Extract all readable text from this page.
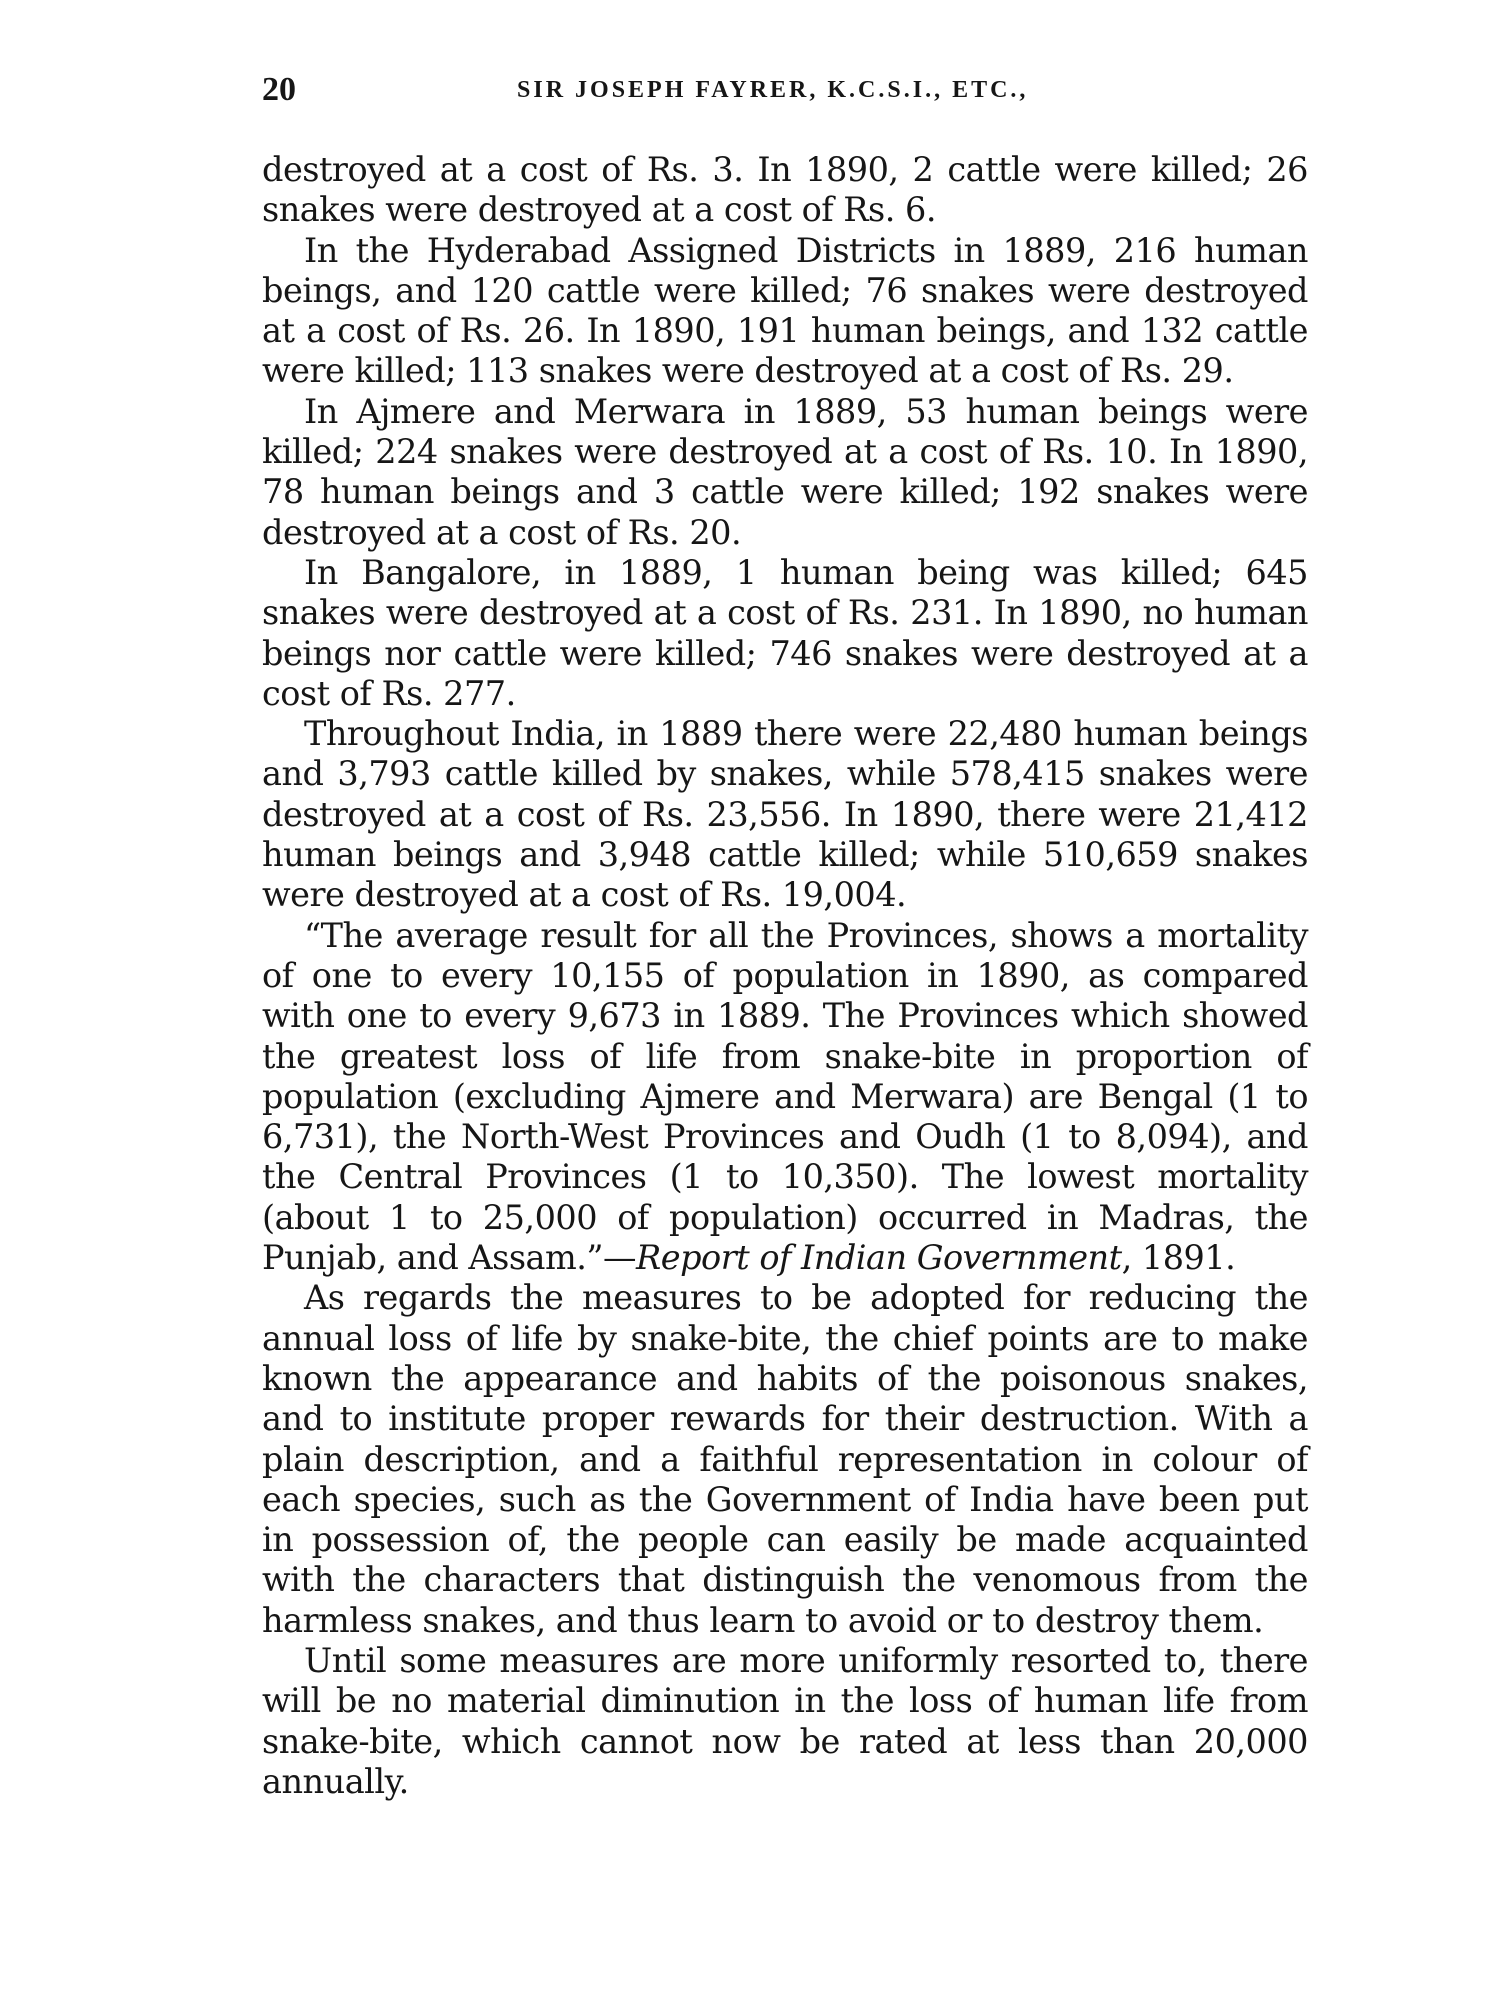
20	SIR JOSEPH FAYRER, K.C.S.I., ETC.,

destroyed at a cost of Rs. 3. In 1890, 2 cattle were killed; 26 snakes were destroyed at a cost of Rs. 6.

In the Hyderabad Assigned Districts in 1889, 216 human beings, and 120 cattle were killed; 76 snakes were destroyed at a cost of Rs. 26. In 1890, 191 human beings, and 132 cattle were killed; 113 snakes were destroyed at a cost of Rs. 29.

In Ajmere and Merwara in 1889, 53 human beings were killed; 224 snakes were destroyed at a cost of Rs. 10. In 1890, 78 human beings and 3 cattle were killed; 192 snakes were destroyed at a cost of Rs. 20.

In Bangalore, in 1889, 1 human being was killed; 645 snakes were destroyed at a cost of Rs. 231. In 1890, no human beings nor cattle were killed; 746 snakes were destroyed at a cost of Rs. 277.

Throughout India, in 1889 there were 22,480 human beings and 3,793 cattle killed by snakes, while 578,415 snakes were destroyed at a cost of Rs. 23,556. In 1890, there were 21,412 human beings and 3,948 cattle killed; while 510,659 snakes were destroyed at a cost of Rs. 19,004.

“The average result for all the Provinces, shows a mortality of one to every 10,155 of population in 1890, as compared with one to every 9,673 in 1889. The Provinces which showed the greatest loss of life from snake-bite in proportion of population (excluding Ajmere and Merwara) are Bengal (1 to 6,731), the North-West Provinces and Oudh (1 to 8,094), and the Central Provinces (1 to 10,350). The lowest mortality (about 1 to 25,000 of population) occurred in Madras, the Punjab, and Assam.”—Report of Indian Government, 1891.

As regards the measures to be adopted for reducing the annual loss of life by snake-bite, the chief points are to make known the appearance and habits of the poisonous snakes, and to institute proper rewards for their destruction. With a plain description, and a faithful representation in colour of each species, such as the Government of India have been put in possession of, the people can easily be made acquainted with the characters that distinguish the venomous from the harmless snakes, and thus learn to avoid or to destroy them.

Until some measures are more uniformly resorted to, there will be no material diminution in the loss of human life from snake-bite, which cannot now be rated at less than 20,000 annually.
